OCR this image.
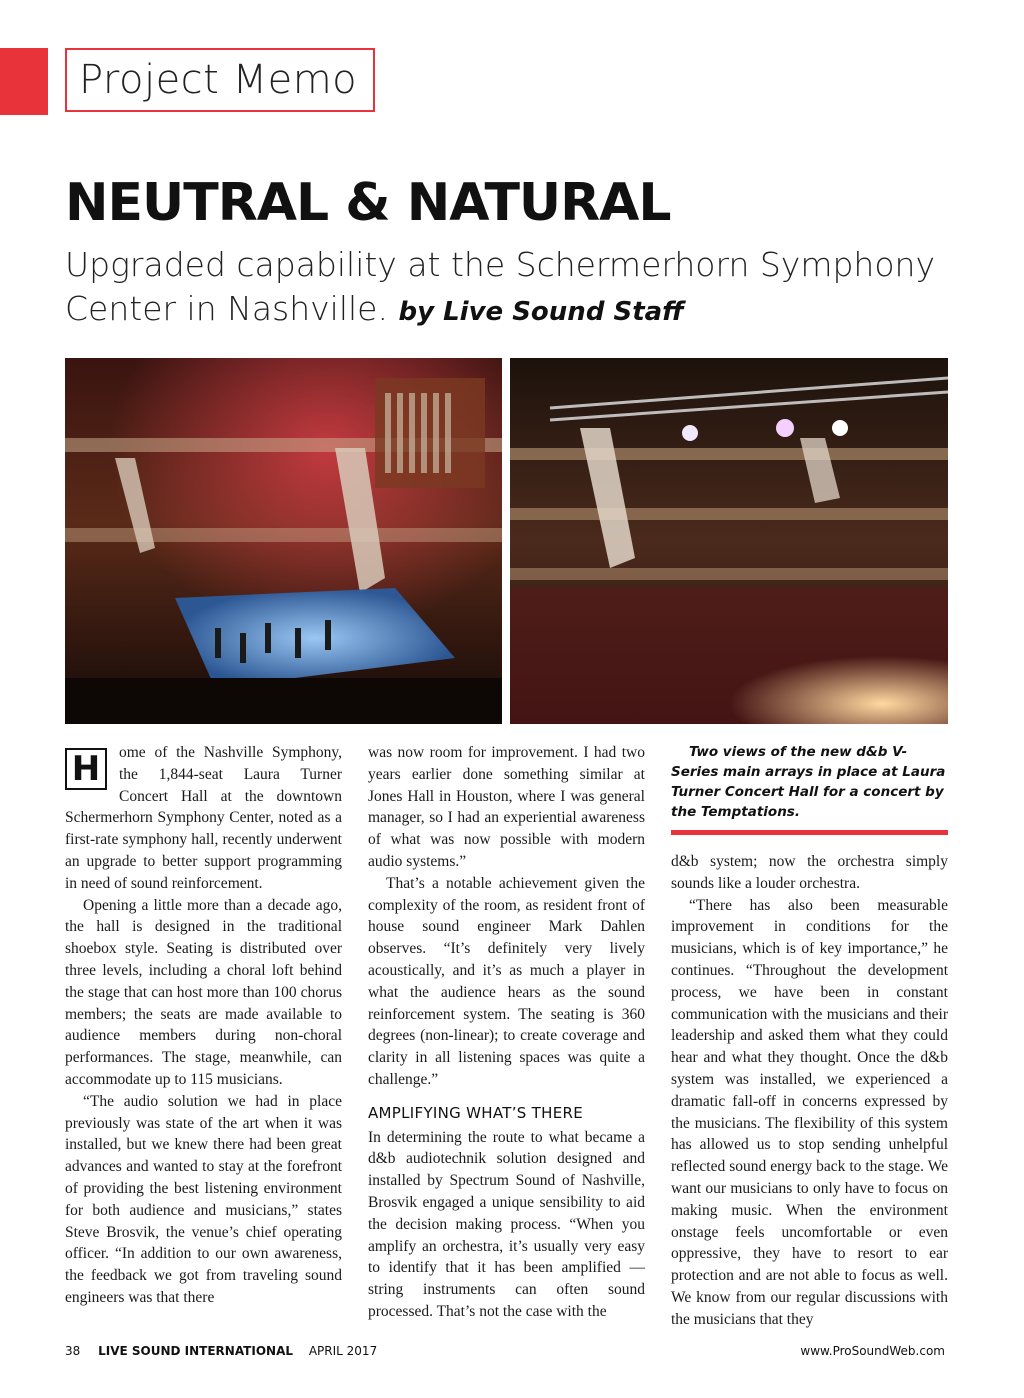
Project Memo
NEUTRAL & NATURAL

Upgraded capability at the Schermerhorn Symphony Center in Nashville. by Live Sound Staff

H	ome of the Nashville Symphony, the 1,844-seat Laura Turner Concert Hall at the downtown Schermerhorn Symphony Center, noted as a first-rate symphony hall, recently underwent an upgrade to better support programming in need of sound reinforcement.

Opening a little more than a decade ago, the hall is designed in the traditional shoebox style. Seating is distributed over three levels, including a choral loft behind the stage that can host more than 100 chorus members; the seats are made available to audience members during non-choral performances. The stage, meanwhile, can accommodate up to 115 musicians.

“The audio solution we had in place previously was state of the art when it was installed, but we knew there had been great advances and wanted to stay at the forefront of providing the best listening environment for both audience and musicians,” states Steve Brosvik, the venue’s chief operating officer. “In addition to our own awareness, the feedback we got from traveling sound engineers was that there

was now room for improvement. I had two years earlier done something similar at Jones Hall in Houston, where I was general manager, so I had an experiential awareness of what was now possible with modern audio systems.”

That’s a notable achievement given the complexity of the room, as resident front of house sound engineer Mark Dahlen observes. “It’s definitely very lively acoustically, and it’s as much a player in what the audience hears as the sound reinforcement system. The seating is 360 degrees (non-linear); to create coverage and clarity in all listening spaces was quite a challenge.”

AMPLIFYING WHAT’S THERE

In determining the route to what became a d&b audiotechnik solution designed and installed by Spectrum Sound of Nashville, Brosvik engaged a unique sensibility to aid the decision making process. “When you amplify an orchestra, it’s usually very easy to identify that it has been amplified — string instruments can often sound processed. That’s not the case with the

Two views of the new d&b V-Series main arrays in place at Laura Turner Concert Hall for a concert by the Temptations.

d&b system; now the orchestra simply sounds like a louder orchestra.

“There has also been measurable improvement in conditions for the musicians, which is of key importance,” he continues. “Throughout the development process, we have been in constant communication with the musicians and their leadership and asked them what they could hear and what they thought. Once the d&b system was installed, we experienced a dramatic fall-off in concerns expressed by the musicians. The flexibility of this system has allowed us to stop sending unhelpful reflected sound energy back to the stage. We want our musicians to only have to focus on making music. When the environment onstage feels uncomfortable or even oppressive, they have to resort to ear protection and are not able to focus as well. We know from our regular discussions with the musicians that they

38 LIVE SOUND INTERNATIONAL APRIL 2017	www.ProSoundWeb.com
